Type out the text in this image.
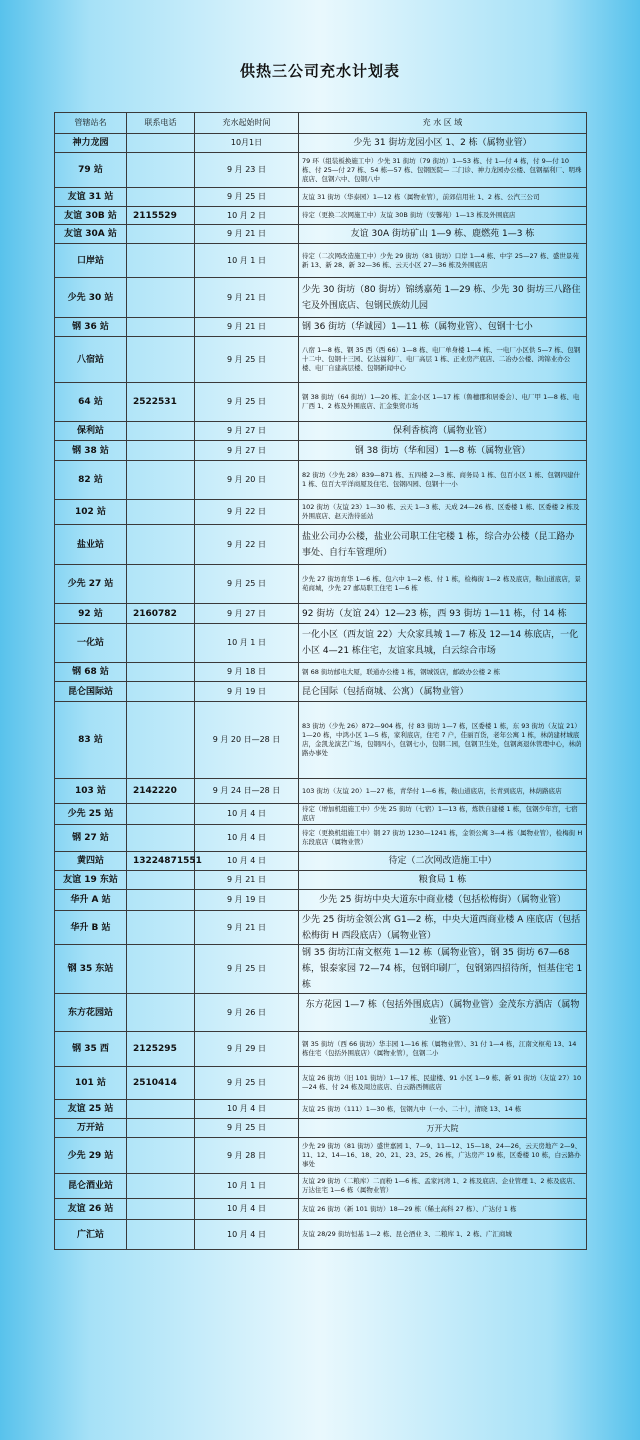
供热三公司充水计划表
管辖站名	联系电话	充水起始时间	充 水 区 域
神力龙园		10月1日	少先 31 街坊龙园小区 1、2 栋（属物业管）
79 站		9 月 23 日	79 环（组装板换施工中）少先 31 街坊（79 街坊）1—53 栋、付 1—付 4 栋，付 9—付 10 栋、付 25—付 27 栋、54 栋—57 栋、包钢医院— 二门诊、神力龙园办公楼、包钢福利厂、明珠底店、包钢六中、包钢八中
友谊 31 站		9 月 25 日	友谊 31 街坊（华泰园）1—12 栋（属物业管），前郊信用社 1、2 栋、公汽三公司
友谊 30B 站	2115529	10 月 2 日	待定（更换二次网施工中）友谊 30B 街坊（安馨苑）1—13 栋及外围底店
友谊 30A 站		9 月 21 日	友谊 30A 街坊矿山 1—9 栋、鹿燃苑 1—3 栋
口岸站		10 月 1 日	待定（二次网改造施工中）少先 29 街坊（81 街坊）口岸 1—4 栋、中宇 25—27 栋、盛世景苑新 13、新 28、新 32—36 栋、云天小区 27—36 栋及外围底店
少先 30 站		9 月 21 日	少先 30 街坊（80 街坊）锦绣嘉苑 1—29 栋、少先 30 街坊三八路住宅及外围底店、包钢民族幼儿园
钢 36 站		9 月 21 日	钢 36 街坊（华诚园）1—11 栋（属物业管）、包钢十七小
八宿站		9 月 25 日	八宿 1—8 栋、钢 35 西（西 66）1—8 栋、电厂单身楼 1—4 栋、一电厂小区供 5—7 栋、包钢十二中、包钢十三园、亿达福利厂、电厂高层 1 栋、正业房产底店、二冶办公楼、鸿锦业办公楼、电厂自建高层楼、包钢新闻中心
64 站	2522531	9 月 25 日	钢 38 街坊（64 街坊）1—20 栋、汇金小区 1—17 栋（鲁穗郡和居委会）、电厂甲 1—8 栋、电厂西 1、2 栋及外围底店、汇金集贸市场
保利站		9 月 27 日	保利香槟湾（属物业管）
钢 38 站		9 月 27 日	钢 38 街坊（华和园）1—8 栋（属物业管）
82 站		9 月 20 日	82 街坊（少先 28）839—871 栋、五四楼 2—3 栋、商务局 1 栋、包百小区 1 栋、包钢四建什 1 栋、包百大平洋商厦及住宅、包钢四园、包钢十一小
102 站		9 月 22 日	102 街坊（友谊 23）1—30 栋、云天 1—3 栋、天成 24—26 栋、区委楼 1 栋、区委楼 2 栋及外围底店、赵天浩待延站
盐业站		9 月 22 日	盐业公司办公楼，盐业公司职工住宅楼 1 栋，综合办公楼（昆工路办事处、自行车管理所）
少先 27 站		9 月 25 日	少先 27 街坊育华 1—6 栋、包六中 1—2 栋、付 1 栋，检梅街 1—2 栋及底店，鞍山道底店，景苑商城，少先 27 邮局职工住宅 1—6 栋
92 站	2160782	9 月 27 日	92 街坊（友谊 24）12—23 栋，西 93 街坊 1—11 栋，付 14 栋
一化站		10 月 1 日	一化小区（西友谊 22）大众家具城 1—7 栋及 12—14 栋底店，一化小区 4—21 栋住宅，友谊家具城，白云综合市场
钢 68 站		9 月 18 日	钢 68 街坊邮电大厦，联通办公楼 1 栋，钢城饭店，邮政办公楼 2 栋
昆仑国际站		9 月 19 日	昆仑国际（包括商城、公寓）（属物业管）
83 站		9 月 20 日—28 日	83 街坊（少先 26）872—904 栋，付 83 街坊 1—7 栋，区委楼 1 栋，东 93 街坊（友谊 21）1—20 栋，中鸿小区 1—5 栋，家利底店，住宅 7 户，佳丽百货，老年公寓 1 栋，林荫建材城底店，金凯龙演艺广场，包钢四小，包钢七小，包钢二园，包钢卫生处，包钢离退休管理中心，林荫路办事处
103 站	2142220	9 月 24 日—28 日	103 街坊（友谊 20）1—27 栋，青华付 1—6 栋，鞍山道底店，长青到底店，林荫路底店
少先 25 站		10 月 4 日	待定（增加机组施工中）少先 25 街坊（七宿）1—13 栋，炼铁自建楼 1 栋，包钢少年宫，七宿底店
钢 27 站		10 月 4 日	待定（更换机组施工中）钢 27 街坊 1230—1241 栋，金领公寓 3—4 栋（属物业管），检梅街 H 东段底店（属物业管）
黄四站	13224871551	10 月 4 日	待定（二次网改造施工中）
友谊 19 东站		9 月 21 日	粮食局 1 栋
华升 A 站		9 月 19 日	少先 25 街坊中央大道东中商业楼（包括松梅街）（属物业管）
华升 B 站		9 月 21 日	少先 25 街坊金领公寓 G1—2 栋，中央大道西商业楼 A 座底店（包括松梅街 H 西段底店）（属物业管）
钢 35 东站		9 月 25 日	钢 35 街坊江南文枢苑 1—12 栋（属物业管），钢 35 街坊 67—68 栋，银泰家园 72—74 栋，包钢印刷厂，包钢第四招待所，恒基住宅 1 栋
东方花园站		9 月 26 日	东方花园 1—7 栋（包括外围底店）（属物业管）金茂东方酒店（属物业管）
钢 35 西	2125295	9 月 29 日	钢 35 街坊（西 66 街坊）华丰园 1—16 栋（属物业管）、31 付 1—4 栋，江南文枢苑 13、14 栋住宅（包括外围底店）（属物业管），包钢二小
101 站	2510414	9 月 25 日	友谊 26 街坊（旧 101 街坊）1—17 栋、民建楼、91 小区 1—9 栋、新 91 街坊（友谊 27）10—24 栋、付 24 栋及周边底店、白云路西侧底店
友谊 25 站		10 月 4 日	友谊 25 街坊（111）1—30 栋，包钢九中（一小、二十），清晓 13、14 栋
万开站		9 月 25 日	万开大院
少先 29 站		9 月 28 日	少先 29 街坊（81 街坊）盛世嘉园 1、7—9、11—12、15—18、24—26，云天房地产 2—9、11、12、14—16、18、20、21、23、25、26 栋，广达房产 19 栋，区委楼 10 栋，白云路办事处
昆仑酒业站		10 月 1 日	友谊 29 街坊（二粮库）二而粉 1—6 栋、孟家河湾 1、2 栋及底店、企业管理 1、2 栋及底店、万达住宅 1—6 栋（属物业管）
友谊 26 站		10 月 4 日	友谊 26 街坊（新 101 街坊）18—29 栋（稀土高科 27 栋）、广达付 1 栋
广汇站		10 月 4 日	友谊 28/29 街坊恒基 1—2 栋、昆仑酒业 3、二粮库 1、2 栋、广汇商城
